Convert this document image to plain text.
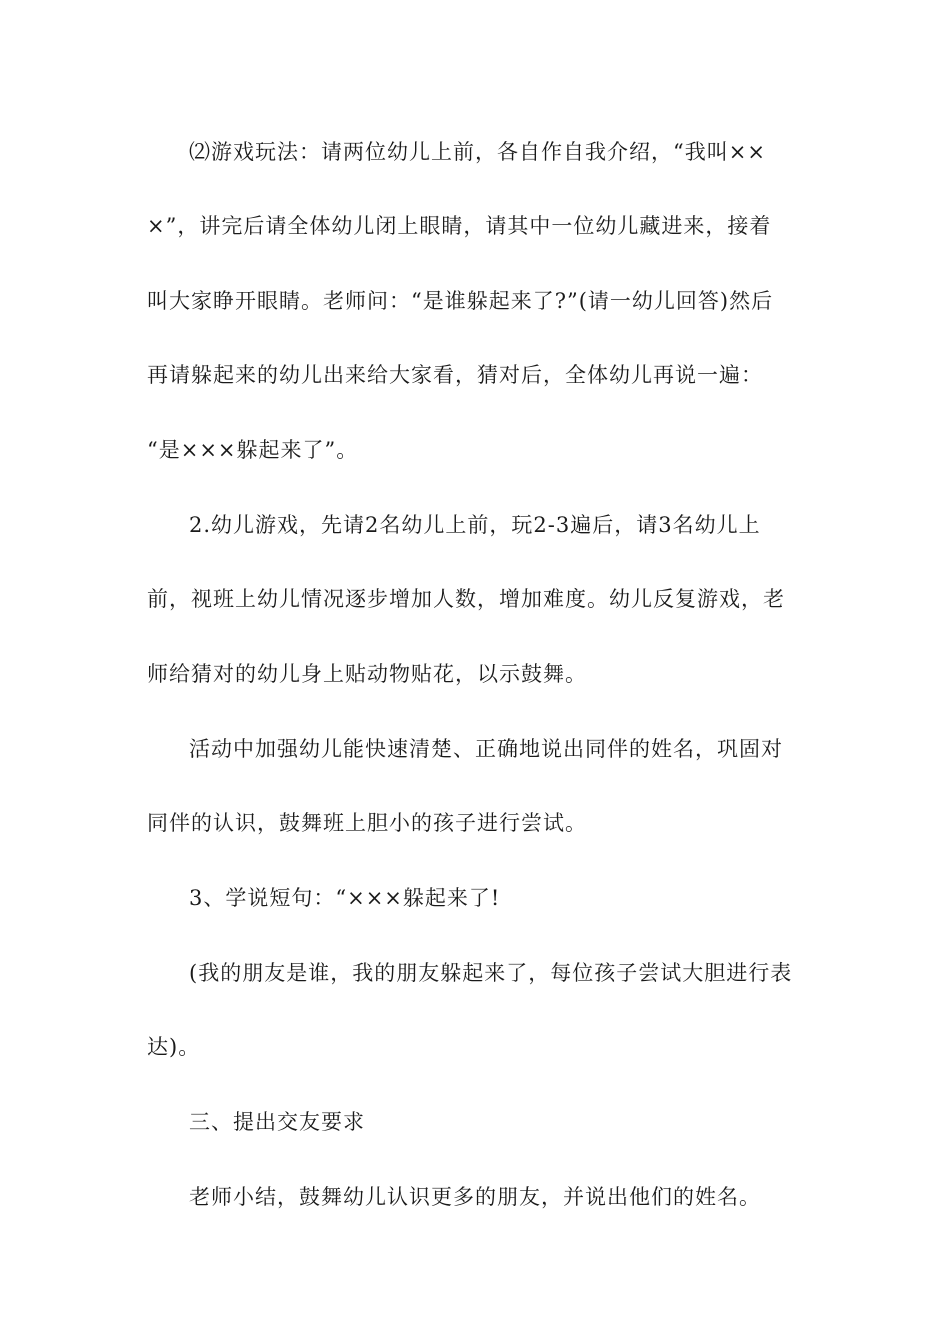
⑵游戏玩法：请两位幼儿上前，各自作自我介绍，“我叫××
×”，讲完后请全体幼儿闭上眼睛，请其中一位幼儿藏进来，接着
叫大家睁开眼睛。老师问：“是谁躲起来了?”(请一幼儿回答)然后
再请躲起来的幼儿出来给大家看，猜对后，全体幼儿再说一遍：
“是×××躲起来了”。
2.幼儿游戏，先请2名幼儿上前，玩2-3遍后，请3名幼儿上
前，视班上幼儿情况逐步增加人数，增加难度。幼儿反复游戏，老
师给猜对的幼儿身上贴动物贴花，以示鼓舞。
活动中加强幼儿能快速清楚、正确地说出同伴的姓名，巩固对
同伴的认识，鼓舞班上胆小的孩子进行尝试。
3、学说短句：“×××躲起来了!
(我的朋友是谁，我的朋友躲起来了，每位孩子尝试大胆进行表
达)。
三、提出交友要求
老师小结，鼓舞幼儿认识更多的朋友，并说出他们的姓名。
